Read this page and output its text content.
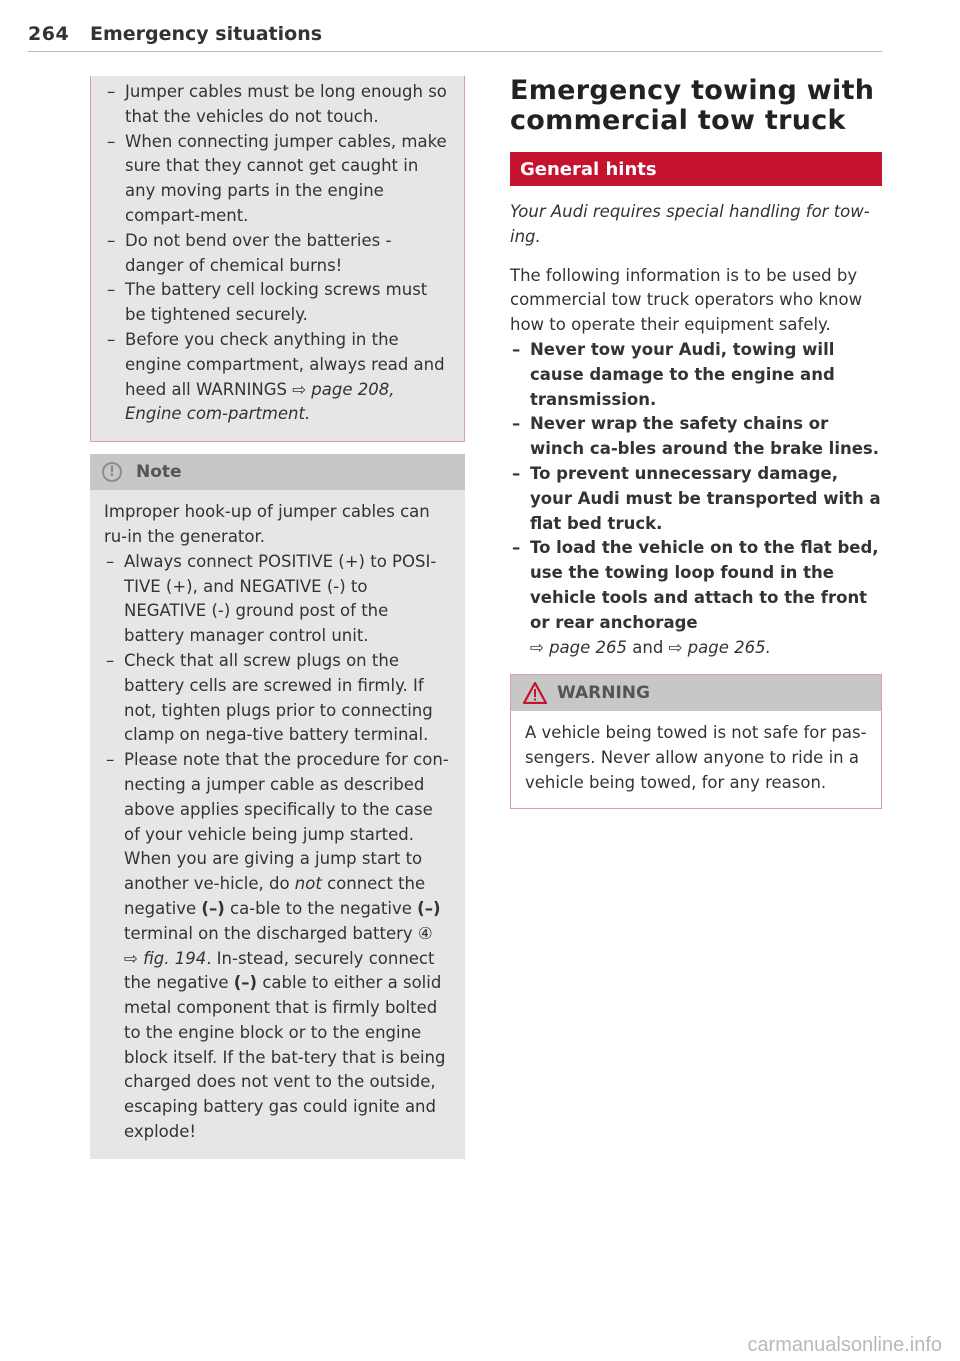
264 Emergency situations
– Jumper cables must be long enough so that the vehicles do not touch.
– When connecting jumper cables, make sure that they cannot get caught in any moving parts in the engine compart-ment.
– Do not bend over the batteries - danger of chemical burns!
– The battery cell locking screws must be tightened securely.
– Before you check anything in the engine compartment, always read and heed all WARNINGS ⇨ page 208, Engine com-partment.
!	Note

Improper hook-up of jumper cables can ru-in the generator.

– Always connect POSITIVE (+) to POSI-TIVE (+), and NEGATIVE (-) to NEGATIVE (-) ground post of the battery manager control unit.
– Check that all screw plugs on the battery cells are screwed in firmly. If not, tighten plugs prior to connecting clamp on nega-tive battery terminal.
– Please note that the procedure for con-necting a jumper cable as described above applies specifically to the case of your vehicle being jump started. When you are giving a jump start to another ve-hicle, do not connect the negative (–) ca-ble to the negative (–) terminal on the discharged battery ④ ⇨ fig. 194. In-stead, securely connect the negative (–) cable to either a solid metal component that is firmly bolted to the engine block or to the engine block itself. If the bat-tery that is being charged does not vent to the outside, escaping battery gas could ignite and explode!
Emergency towing with commercial tow truck
General hints

Your Audi requires special handling for tow-ing.

The following information is to be used by commercial tow truck operators who know how to operate their equipment safely.

– Never tow your Audi, towing will cause damage to the engine and transmission.
– Never wrap the safety chains or winch ca-bles around the brake lines.
– To prevent unnecessary damage, your Audi must be transported with a flat bed truck.
– To load the vehicle on to the flat bed, use the towing loop found in the vehicle tools and attach to the front or rear anchorage
⇨ page 265 and ⇨ page 265.
WARNING
A vehicle being towed is not safe for pas-sengers. Never allow anyone to ride in a vehicle being towed, for any reason.
carmanualsonline.info
